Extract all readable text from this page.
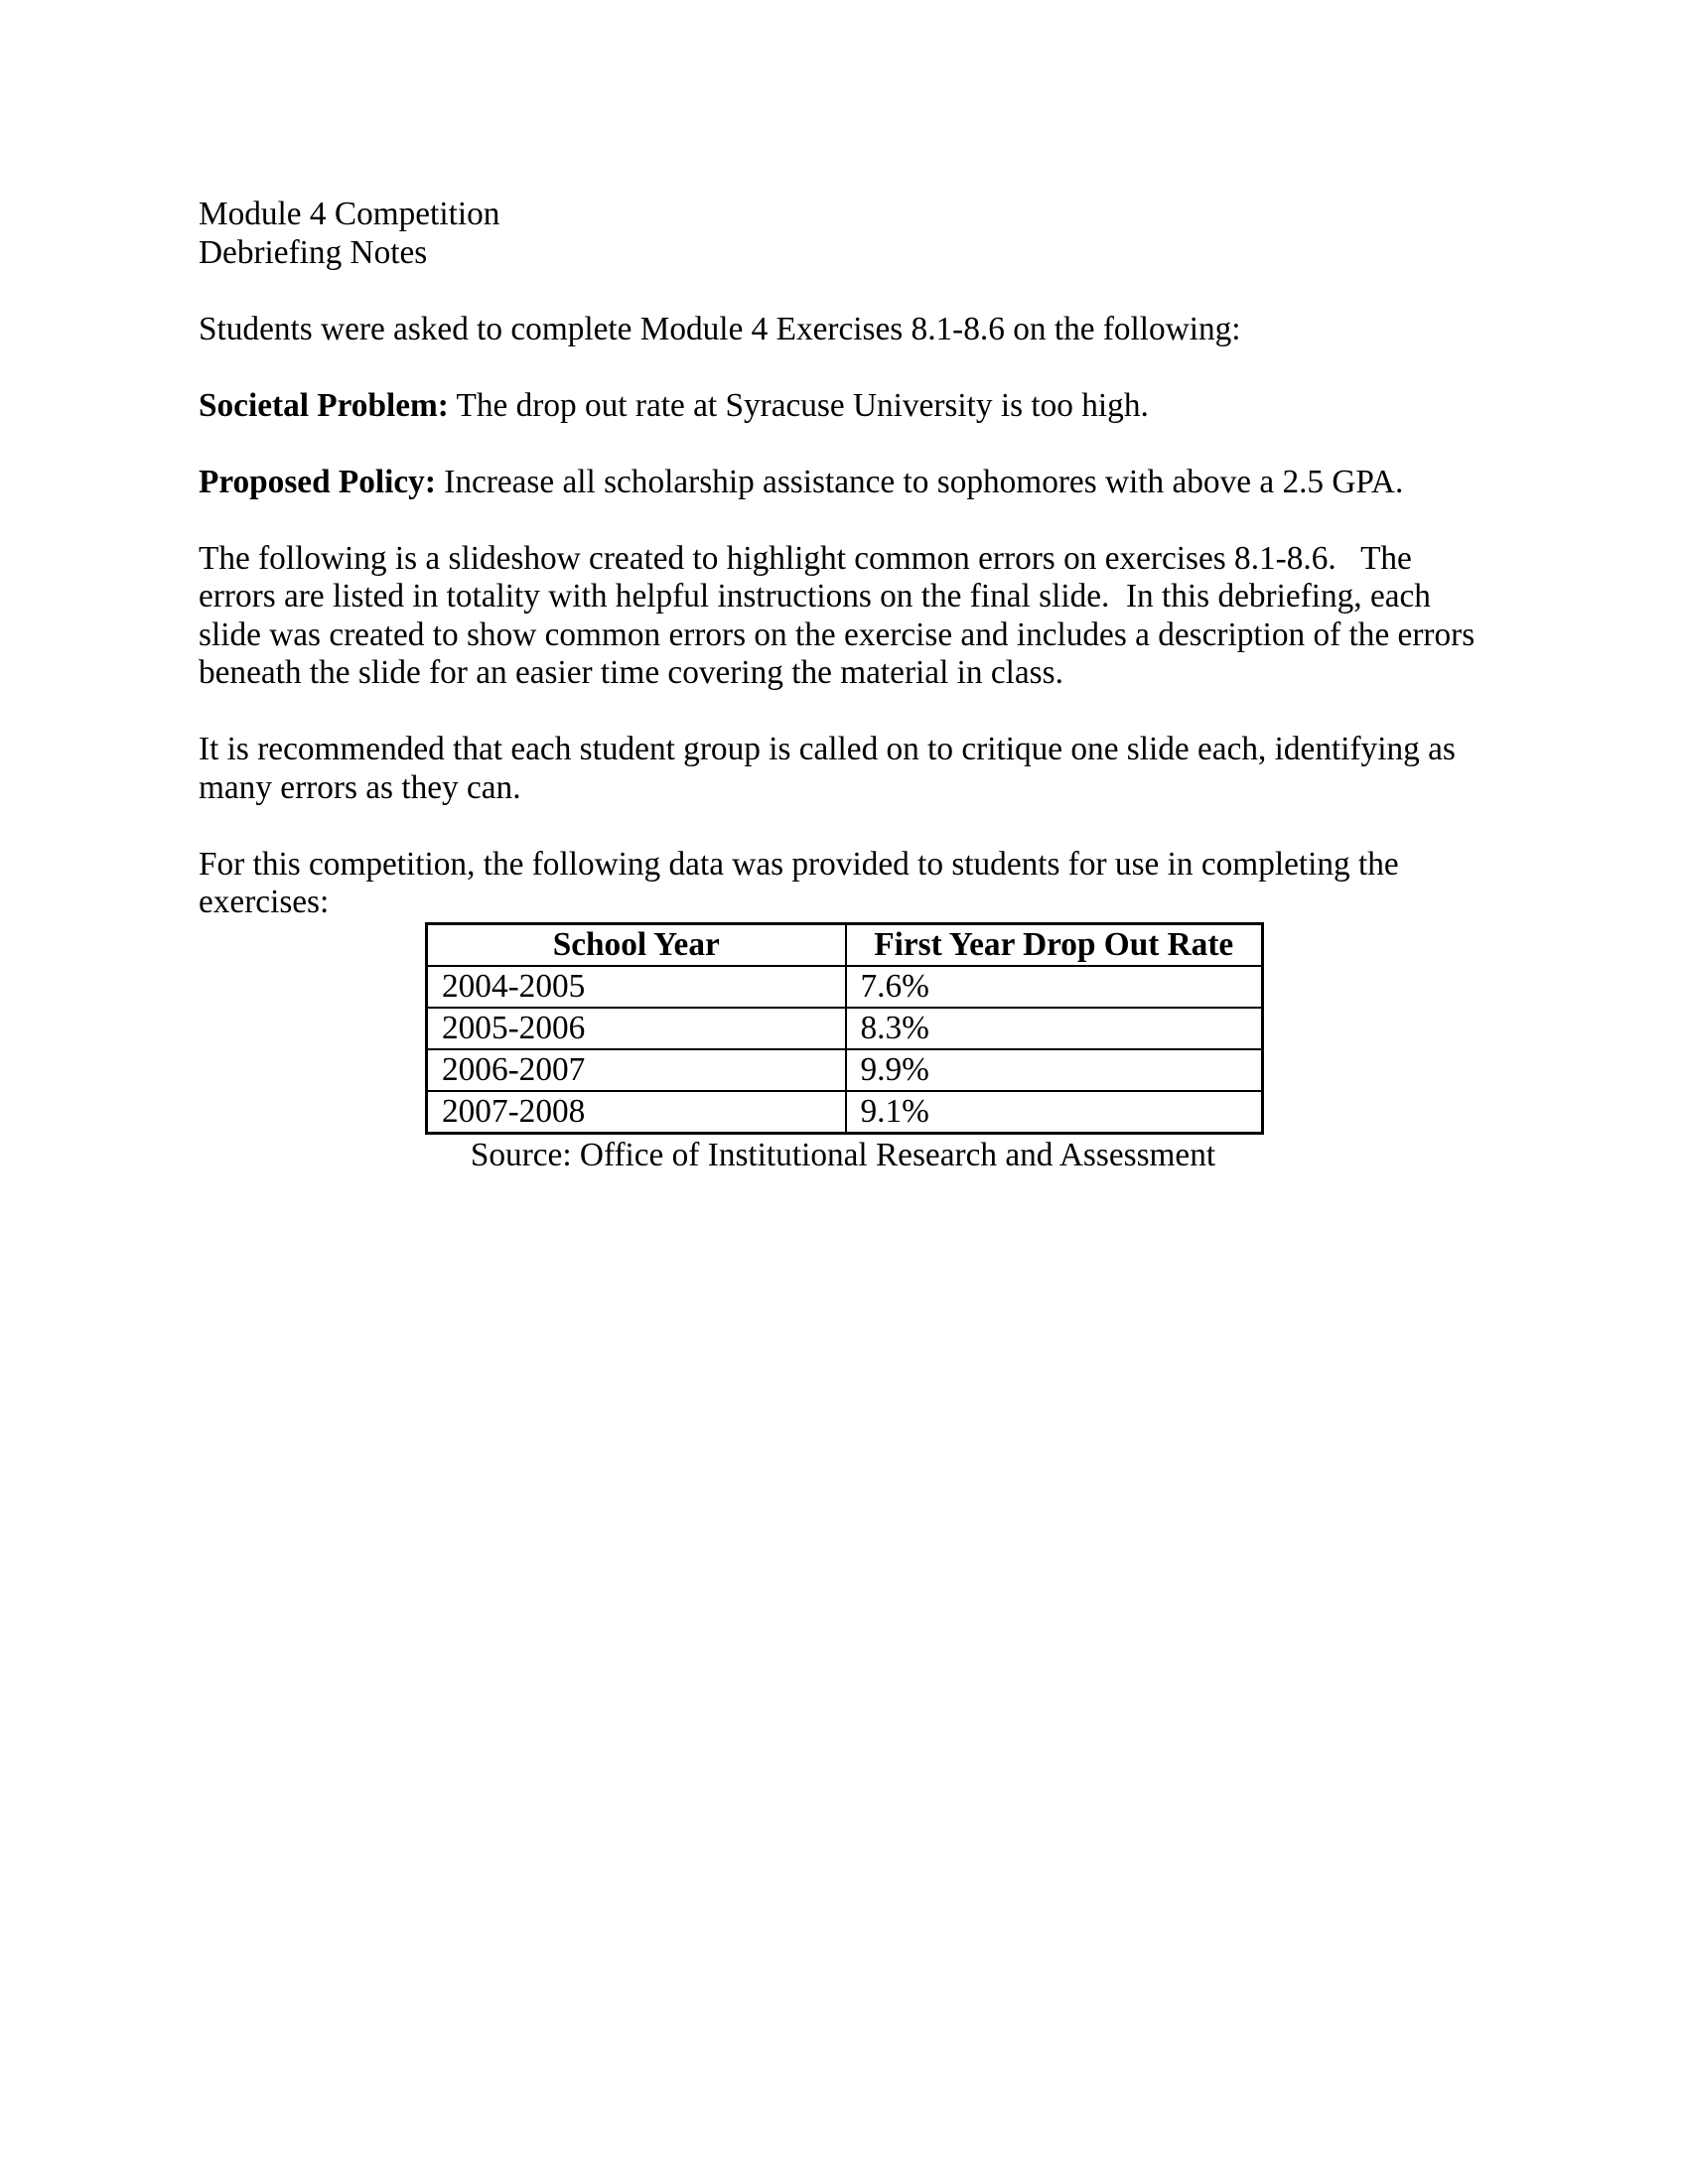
Module 4 Competition
Debriefing Notes
Students were asked to complete Module 4 Exercises 8.1-8.6 on the following:
Societal Problem: The drop out rate at Syracuse University is too high.
Proposed Policy: Increase all scholarship assistance to sophomores with above a 2.5 GPA.
The following is a slideshow created to highlight common errors on exercises 8.1-8.6.   The
errors are listed in totality with helpful instructions on the final slide.  In this debriefing, each
slide was created to show common errors on the exercise and includes a description of the errors
beneath the slide for an easier time covering the material in class.
It is recommended that each student group is called on to critique one slide each, identifying as
many errors as they can.
For this competition, the following data was provided to students for use in completing the
exercises:
School Year	First Year Drop Out Rate
2004-2005	7.6%
2005-2006	8.3%
2006-2007	9.9%
2007-2008	9.1%
Source: Office of Institutional Research and Assessment
